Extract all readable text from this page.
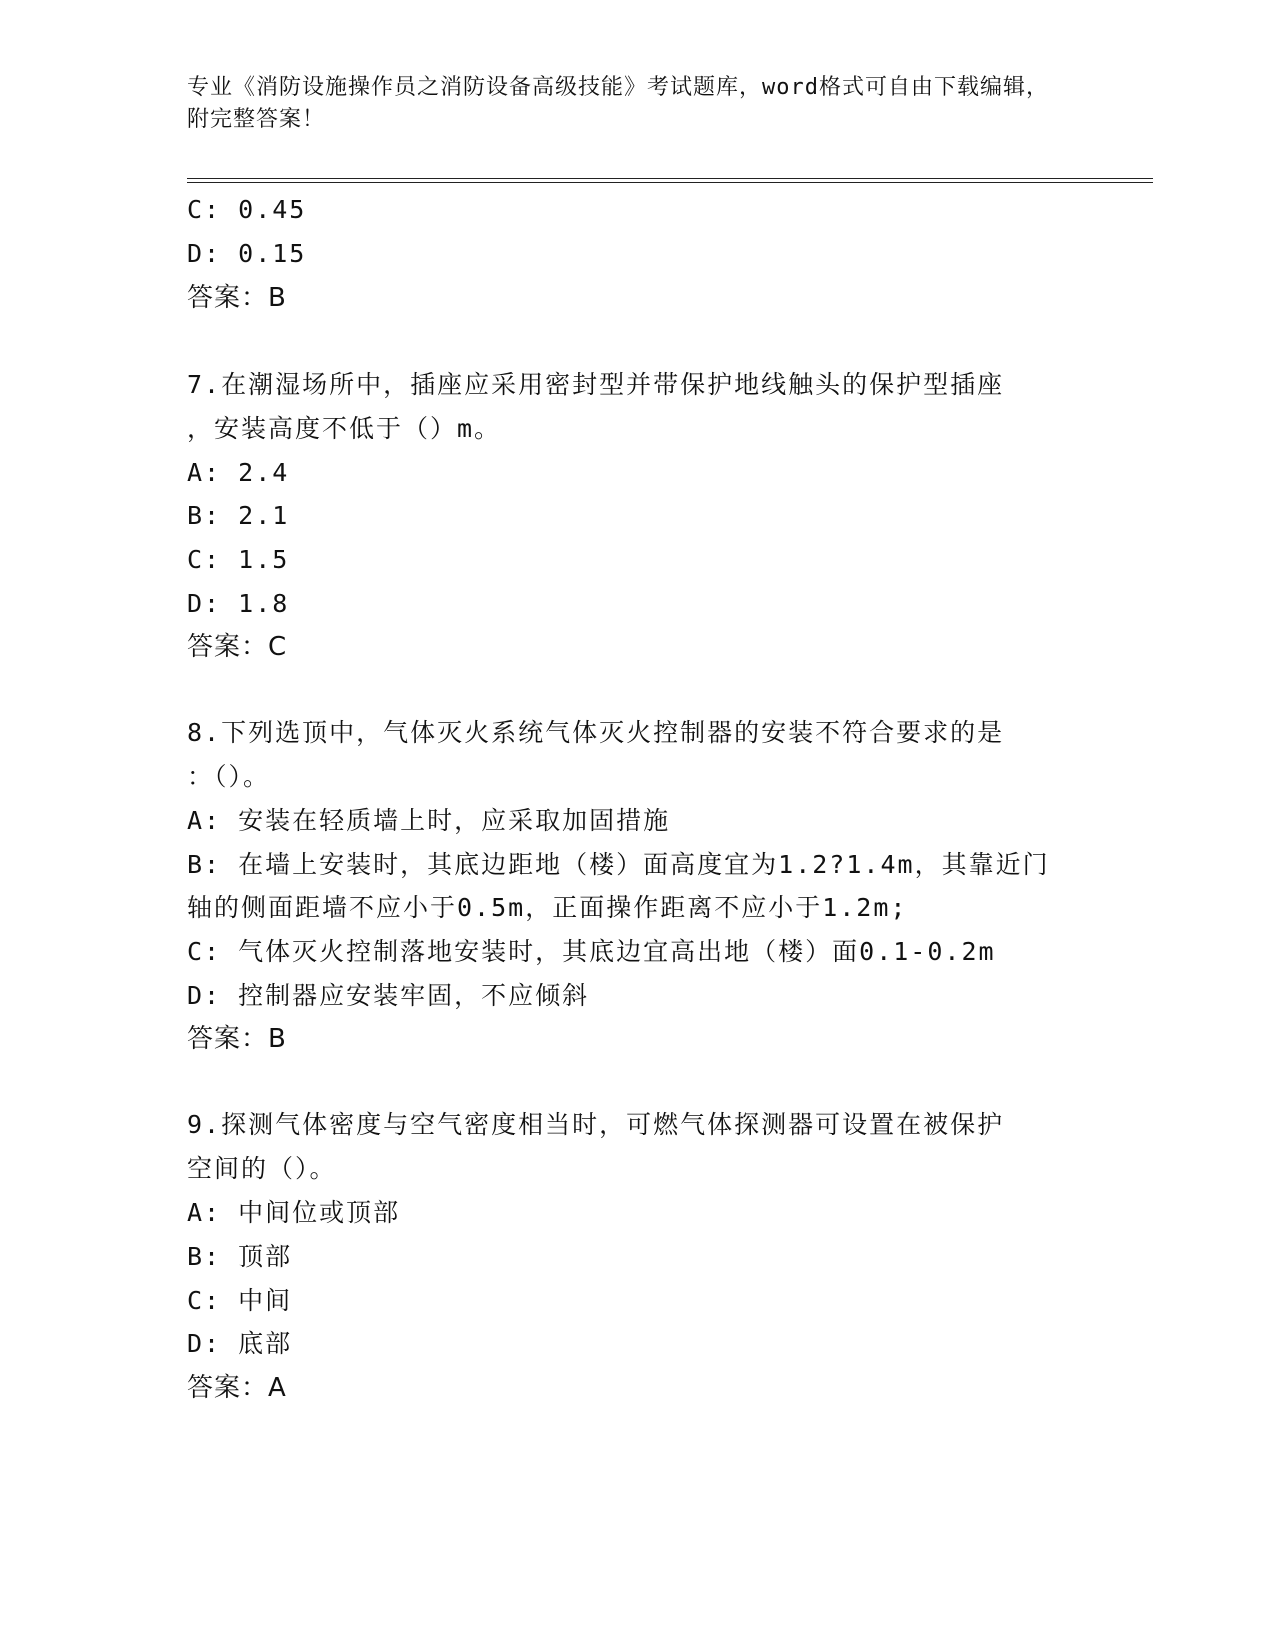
专业《消防设施操作员之消防设备高级技能》考试题库，word格式可自由下载编辑，附完整答案！
C: 0.45
D: 0.15
答案：B
7.在潮湿场所中，插座应采用密封型并带保护地线触头的保护型插座
，安装高度不低于（）m。
A: 2.4
B: 2.1
C: 1.5
D: 1.8
答案：C
8.下列选顶中，气体灭火系统气体灭火控制器的安装不符合要求的是
：（）。
A: 安装在轻质墙上时，应采取加固措施
B: 在墙上安装时，其底边距地（楼）面高度宜为1.2?1.4m，其靠近门
轴的侧面距墙不应小于0.5m，正面操作距离不应小于1.2m;
C: 气体灭火控制落地安装时，其底边宜高出地（楼）面0.1-0.2m
D: 控制器应安装牢固，不应倾斜
答案：B
9.探测气体密度与空气密度相当时，可燃气体探测器可设置在被保护
空间的（）。
A: 中间位或顶部
B: 顶部
C: 中间
D: 底部
答案：A
